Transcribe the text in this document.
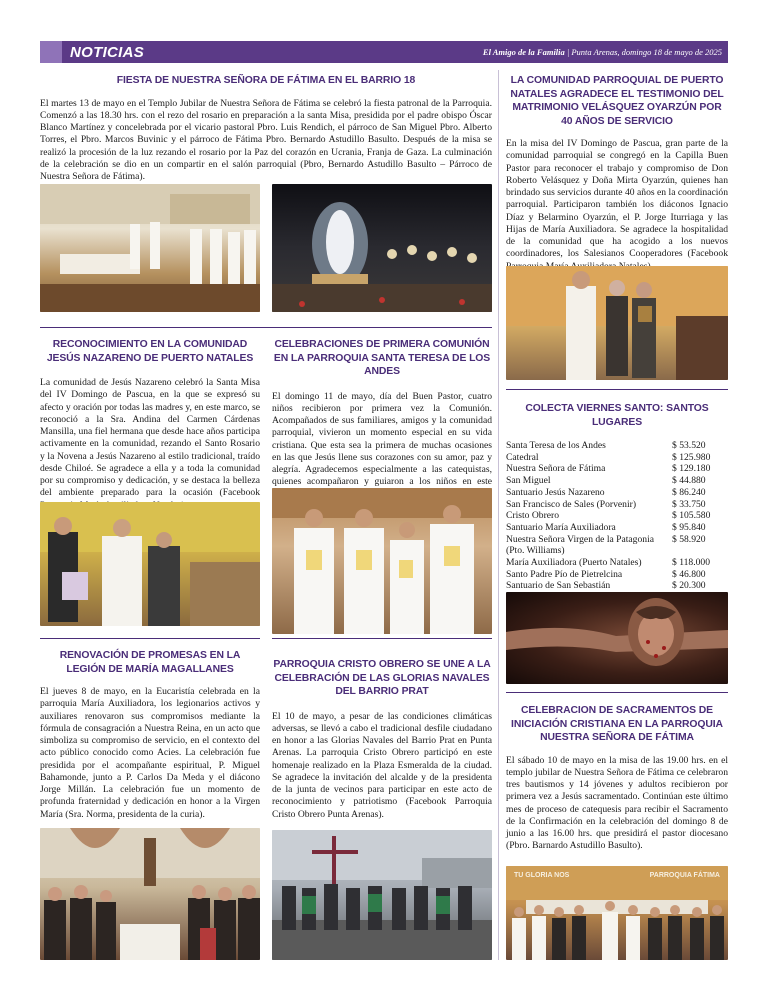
NOTICIAS	El Amigo de la Familia | Punta Arenas, domingo 18 de mayo de 2025
FIESTA DE NUESTRA SEÑORA DE FÁTIMA EN EL BARRIO 18
El martes 13 de mayo en el Templo Jubilar de Nuestra Señora de Fátima se celebró la fiesta patronal de la Parroquia. Comenzó a las 18.30 hrs. con el rezo del rosario en preparación a la santa Misa, presidida por el padre obispo Óscar Blanco Martínez y concelebrada por el vicario pastoral Pbro. Luis Rendich, el párroco de San Miguel Pbro. Alberto Torres, el Pbro. Marcos Buvinic y el párroco de Fátima Pbro. Bernardo Astudillo Basulto. Después de la misa se realizó la procesión de la luz rezando el rosario por la Paz del corazón en Ucrania, Franja de Gaza. La culminación de la celebración se dio en un compartir en el salón parroquial (Pbro, Bernardo Astudillo Basulto – Párroco de Nuestra Señora de Fátima).
RECONOCIMIENTO EN LA COMUNIDAD JESÚS NAZARENO DE PUERTO NATALES
La comunidad de Jesús Nazareno celebró la Santa Misa del IV Domingo de Pascua, en la que se expresó su afecto y oración por todas las madres y, en este marco, se reconoció a la Sra. Andina del Carmen Cárdenas Mansilla, una fiel hermana que desde hace años participa activamente en la comunidad, rezando el Santo Rosario y la Novena a Jesús Nazareno al estilo tradicional, traído desde Chiloé. Se agradece a ella y a toda la comunidad por su compromiso y dedicación, y se destaca la belleza del ambiente preparado para la ocasión (Facebook
CELEBRACIONES DE PRIMERA COMUNIÓN EN LA PARROQUIA SANTA TERESA DE LOS ANDES
El domingo 11 de mayo, día del Buen Pastor, cuatro niños recibieron por primera vez la Comunión. Acompañados de sus familiares, amigos y la comunidad parroquial, vivieron un momento especial en su vida cristiana. Que esta sea la primera de muchas ocasiones en las que Jesús llene sus corazones con su amor, paz y alegría. Agradecemos especialmente a las catequistas, quienes acompañaron y guiaron a los niños en este
RENOVACIÓN DE PROMESAS EN LA LEGIÓN DE MARÍA MAGALLANES
El jueves 8 de mayo, en la Eucaristía celebrada en la parroquia María Auxiliadora, los legionarios activos y auxiliares renovaron sus compromisos mediante la fórmula de consagración a Nuestra Reina, en un acto que simboliza su compromiso de servicio, en el contexto del acto público conocido como Acies. La celebración fue presidida por el acompañante espiritual, P. Miguel Bahamonde, junto a P. Carlos Da Meda y el diácono Jorge Millán. La celebración fue un momento de profunda fraternidad y dedicación en honor a la Virgen María (Sra. Norma, presidenta de la curia).
PARROQUIA CRISTO OBRERO SE UNE A LA CELEBRACIÓN DE LAS GLORIAS NAVALES DEL BARRIO PRAT
El 10 de mayo, a pesar de las condiciones climáticas adversas, se llevó a cabo el tradicional desfile ciudadano en honor a las Glorias Navales del Barrio Prat en Punta Arenas. La parroquia Cristo Obrero participó en este homenaje realizado en la Plaza Esmeralda de la ciudad. Se agradece la invitación del alcalde y de la presidenta de la junta de vecinos para participar en este acto de reconocimiento y patriotismo (Facebook Parroquia Cristo Obrero Punta Arenas).
LA COMUNIDAD PARROQUIAL DE PUERTO NATALES AGRADECE EL TESTIMONIO DEL MATRIMONIO VELÁSQUEZ OYARZÚN POR 40 AÑOS DE SERVICIO
En la misa del IV Domingo de Pascua, gran parte de la comunidad parroquial se congregó en la Capilla Buen Pastor para reconocer el trabajo y compromiso de Don Roberto Velásquez y Doña Mirta Oyarzún, quienes han brindado sus servicios durante 40 años en la coordinación parroquial. Participaron también los diáconos Ignacio Díaz y Belarmino Oyarzún, el P. Jorge Iturriaga y las Hijas de María Auxiliadora. Se agradece la hospitalidad de la comunidad que ha acogido a los nuevos coordinadores, los Salesianos Cooperadores (Facebook
COLECTA VIERNES SANTO: SANTOS LUGARES
Santa Teresa de los Andes	$ 53.520
Catedral	$ 125.980
Nuestra Señora de Fátima	$ 129.180
San Miguel	$ 44.880
Santuario Jesús Nazareno	$ 86.240
San Francisco de Sales (Porvenir)	$ 33.750
Cristo Obrero	$ 105.580
Santuario María Auxiliadora	$ 95.840
Nuestra Señora Virgen de la Patagonia (Pto. Williams)	$ 58.920
María Auxiliadora (Puerto Natales)	$ 118.000
Santo Padre Pío de Pietrelcina	$ 46.800
Santuario de San Sebastián	$ 20.300

CELEBRACION DE SACRAMENTOS DE INICIACIÓN CRISTIANA EN LA PARROQUIA NUESTRA SEÑORA DE FÁTIMA
El sábado 10 de mayo en la misa de las 19.00 hrs. en el templo jubilar de Nuestra Señora de Fátima ce celebraron tres bautismos y 14 jóvenes y adultos recibieron por primera vez a Jesús sacramentado. Continúan este último mes de proceso de catequesis para recibir el Sacramento de la Confirmación en la celebración del domingo 8 de junio a las 16.00 hrs. que presidirá el pastor diocesano (Pbro. Barnardo Astudillo Basulto).
TU GLORIA NOS	PARROQUIA FÁTIMA
